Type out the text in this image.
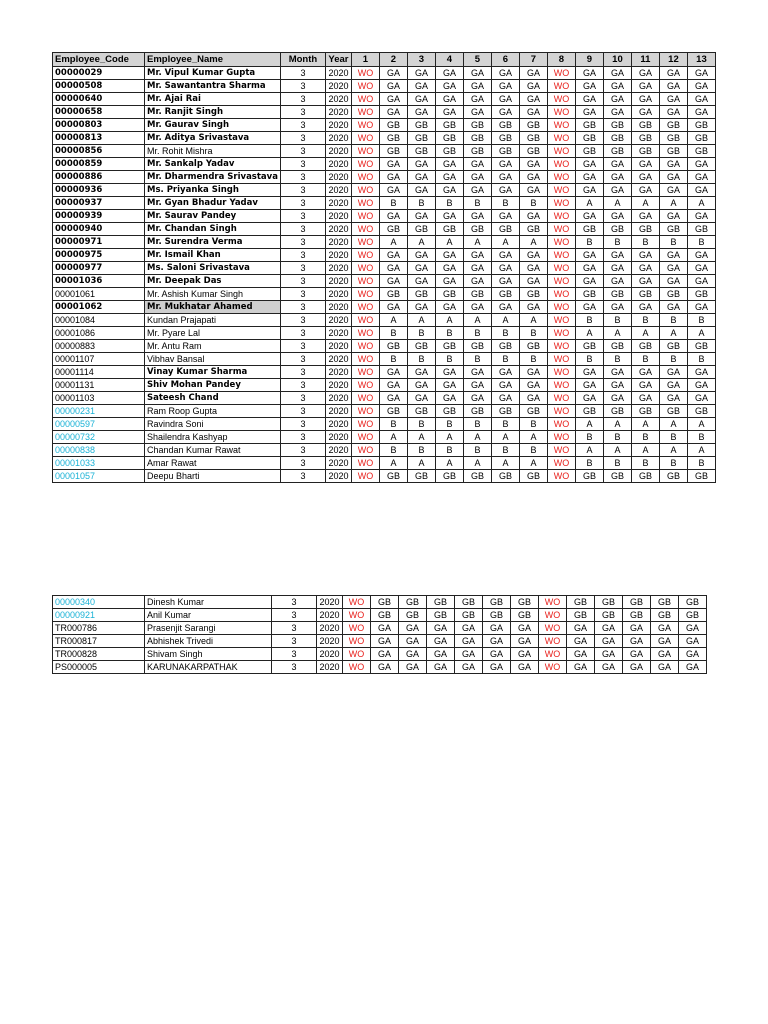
Employee_Code	Employee_Name	Month	Year	1	2	3	4	5	6	7	8	9	10	11	12	13
00000029	Mr. Vipul Kumar Gupta	3	2020	WO	GA	GA	GA	GA	GA	GA	WO	GA	GA	GA	GA	GA
00000508	Mr. Sawantantra Sharma	3	2020	WO	GA	GA	GA	GA	GA	GA	WO	GA	GA	GA	GA	GA
00000640	Mr. Ajai Rai	3	2020	WO	GA	GA	GA	GA	GA	GA	WO	GA	GA	GA	GA	GA
00000658	Mr. Ranjit Singh	3	2020	WO	GA	GA	GA	GA	GA	GA	WO	GA	GA	GA	GA	GA
00000803	Mr. Gaurav Singh	3	2020	WO	GB	GB	GB	GB	GB	GB	WO	GB	GB	GB	GB	GB
00000813	Mr. Aditya Srivastava	3	2020	WO	GB	GB	GB	GB	GB	GB	WO	GB	GB	GB	GB	GB
00000856	Mr. Rohit Mishra	3	2020	WO	GB	GB	GB	GB	GB	GB	WO	GB	GB	GB	GB	GB
00000859	Mr. Sankalp Yadav	3	2020	WO	GA	GA	GA	GA	GA	GA	WO	GA	GA	GA	GA	GA
00000886	Mr. Dharmendra Srivastava	3	2020	WO	GA	GA	GA	GA	GA	GA	WO	GA	GA	GA	GA	GA
00000936	Ms. Priyanka Singh	3	2020	WO	GA	GA	GA	GA	GA	GA	WO	GA	GA	GA	GA	GA
00000937	Mr. Gyan Bhadur Yadav	3	2020	WO	B	B	B	B	B	B	WO	A	A	A	A	A
00000939	Mr. Saurav Pandey	3	2020	WO	GA	GA	GA	GA	GA	GA	WO	GA	GA	GA	GA	GA
00000940	Mr. Chandan Singh	3	2020	WO	GB	GB	GB	GB	GB	GB	WO	GB	GB	GB	GB	GB
00000971	Mr. Surendra Verma	3	2020	WO	A	A	A	A	A	A	WO	B	B	B	B	B
00000975	Mr. Ismail Khan	3	2020	WO	GA	GA	GA	GA	GA	GA	WO	GA	GA	GA	GA	GA
00000977	Ms. Saloni Srivastava	3	2020	WO	GA	GA	GA	GA	GA	GA	WO	GA	GA	GA	GA	GA
00001036	Mr. Deepak Das	3	2020	WO	GA	GA	GA	GA	GA	GA	WO	GA	GA	GA	GA	GA
00001061	Mr. Ashish Kumar Singh	3	2020	WO	GB	GB	GB	GB	GB	GB	WO	GB	GB	GB	GB	GB
00001062	Mr. Mukhatar Ahamed	3	2020	WO	GA	GA	GA	GA	GA	GA	WO	GA	GA	GA	GA	GA
00001084	Kundan Prajapati	3	2020	WO	A	A	A	A	A	A	WO	B	B	B	B	B
00001086	Mr. Pyare Lal	3	2020	WO	B	B	B	B	B	B	WO	A	A	A	A	A
00000883	Mr. Antu Ram	3	2020	WO	GB	GB	GB	GB	GB	GB	WO	GB	GB	GB	GB	GB
00001107	Vibhav Bansal	3	2020	WO	B	B	B	B	B	B	WO	B	B	B	B	B
00001114	Vinay Kumar Sharma	3	2020	WO	GA	GA	GA	GA	GA	GA	WO	GA	GA	GA	GA	GA
00001131	Shiv Mohan Pandey	3	2020	WO	GA	GA	GA	GA	GA	GA	WO	GA	GA	GA	GA	GA
00001103	Sateesh Chand	3	2020	WO	GA	GA	GA	GA	GA	GA	WO	GA	GA	GA	GA	GA
00000231	Ram Roop Gupta	3	2020	WO	GB	GB	GB	GB	GB	GB	WO	GB	GB	GB	GB	GB
00000597	Ravindra Soni	3	2020	WO	B	B	B	B	B	B	WO	A	A	A	A	A
00000732	Shailendra Kashyap	3	2020	WO	A	A	A	A	A	A	WO	B	B	B	B	B
00000838	Chandan Kumar Rawat	3	2020	WO	B	B	B	B	B	B	WO	A	A	A	A	A
00001033	Amar Rawat	3	2020	WO	A	A	A	A	A	A	WO	B	B	B	B	B
00001057	Deepu Bharti	3	2020	WO	GB	GB	GB	GB	GB	GB	WO	GB	GB	GB	GB	GB
00000340	Dinesh Kumar	3	2020	WO	GB	GB	GB	GB	GB	GB	WO	GB	GB	GB	GB	GB
00000921	Anil Kumar	3	2020	WO	GB	GB	GB	GB	GB	GB	WO	GB	GB	GB	GB	GB
TR000786	Prasenjit Sarangi	3	2020	WO	GA	GA	GA	GA	GA	GA	WO	GA	GA	GA	GA	GA
TR000817	Abhishek Trivedi	3	2020	WO	GA	GA	GA	GA	GA	GA	WO	GA	GA	GA	GA	GA
TR000828	Shivam Singh	3	2020	WO	GA	GA	GA	GA	GA	GA	WO	GA	GA	GA	GA	GA
PS000005	KARUNAKARPATHAK	3	2020	WO	GA	GA	GA	GA	GA	GA	WO	GA	GA	GA	GA	GA
